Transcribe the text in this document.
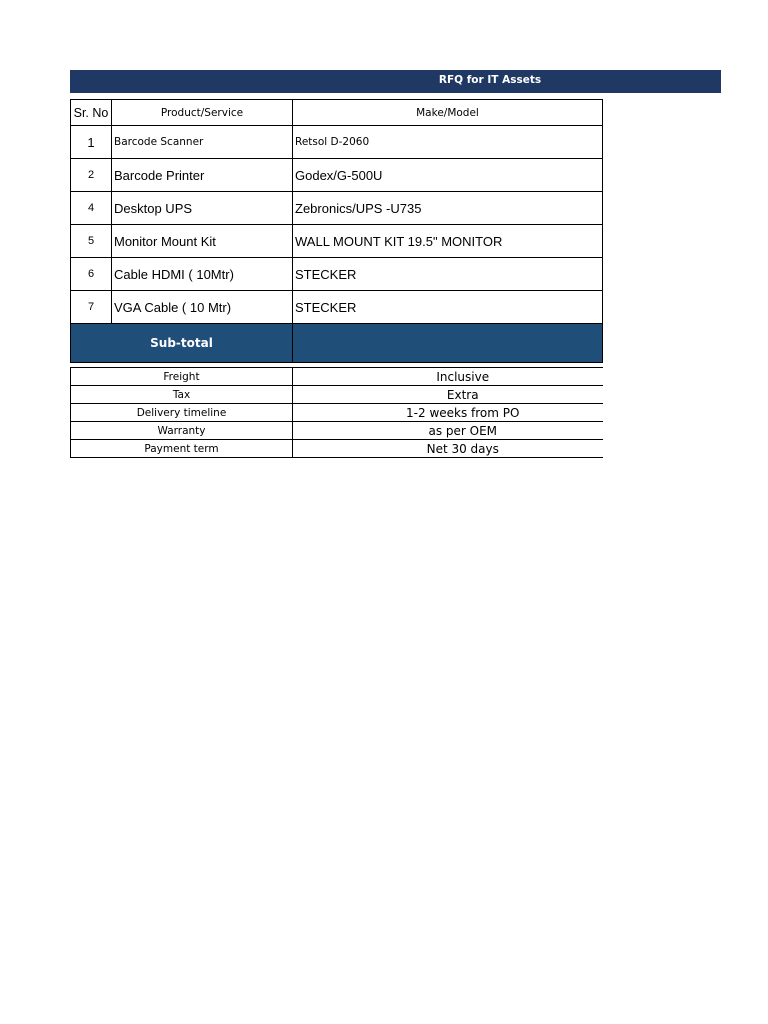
RFQ for IT Assets
Sr. No	Product/Service	Make/Model
1	Barcode Scanner	Retsol D-2060
2	Barcode Printer	Godex/G-500U
4	Desktop UPS	Zebronics/UPS -U735
5	Monitor Mount Kit	WALL MOUNT KIT 19.5" MONITOR
6	Cable HDMI ( 10Mtr)	STECKER
7	VGA Cable ( 10 Mtr)	STECKER
Sub-total		
Freight	Inclusive
Tax	Extra
Delivery timeline	1-2 weeks from PO
Warranty	as per OEM
Payment term	Net 30 days
